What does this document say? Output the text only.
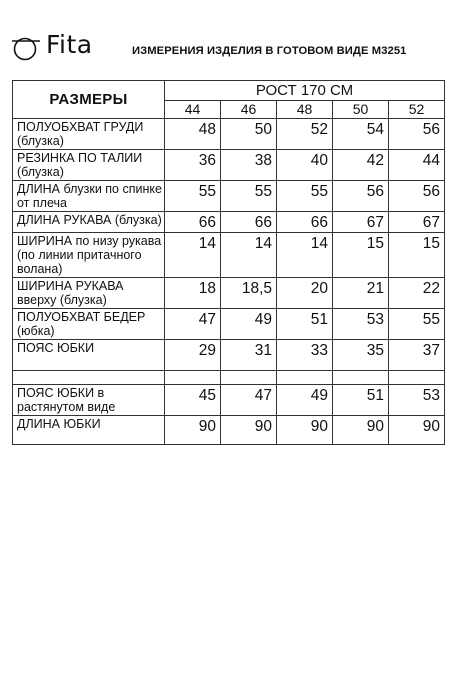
Fita	ИЗМЕРЕНИЯ ИЗДЕЛИЯ В ГОТОВОМ ВИДЕ М3251
РАЗМЕРЫ	РОСТ 170 СМ				
	44	46	48	50	52
ПОЛУОБХВАТ ГРУДИ (блузка)	48	50	52	54	56
РЕЗИНКА ПО ТАЛИИ (блузка)	36	38	40	42	44
ДЛИНА блузки по спинке от плеча	55	55	55	56	56
ДЛИНА РУКАВА (блузка)	66	66	66	67	67
ШИРИНА по низу рукава (по линии притачного волана)	14	14	14	15	15
ШИРИНА РУКАВА вверху (блузка)	18	18,5	20	21	22
ПОЛУОБХВАТ БЕДЕР (юбка)	47	49	51	53	55
ПОЯС ЮБКИ	29	31	33	35	37

ПОЯС ЮБКИ в растянутом виде	45	47	49	51	53
ДЛИНА ЮБКИ	90	90	90	90	90
